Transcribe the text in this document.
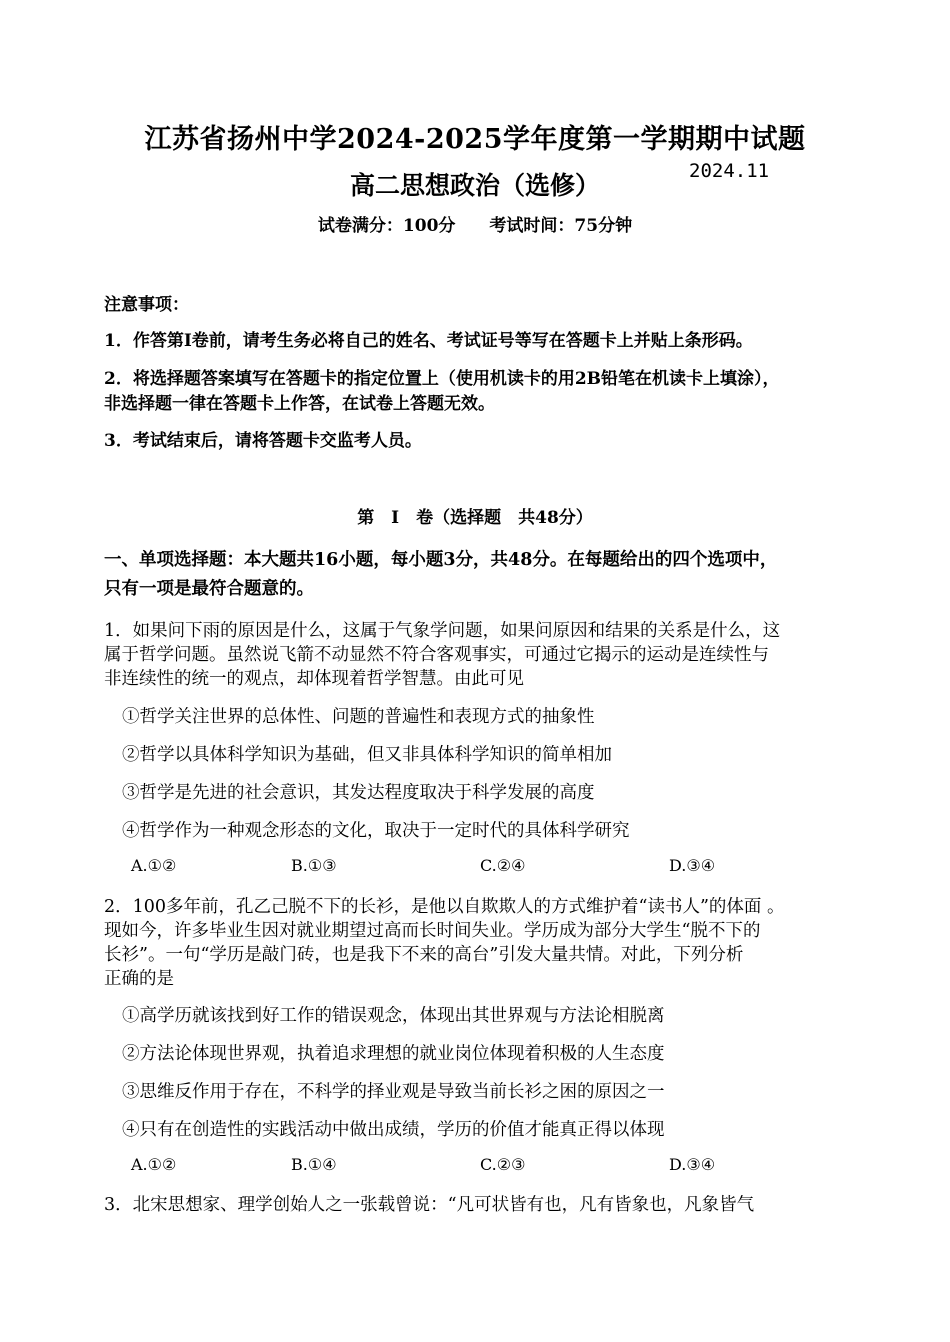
江苏省扬州中学2024-2025学年度第一学期期中试题
高二思想政治（选修）	2024.11
试卷满分：100分 考试时间：75分钟
注意事项：
1．作答第Ⅰ卷前，请考生务必将自己的姓名、考试证号等写在答题卡上并贴上条形码。
2．将选择题答案填写在答题卡的指定位置上（使用机读卡的用2B铅笔在机读卡上填涂），
非选择题一律在答题卡上作答，在试卷上答题无效。
3．考试结束后，请将答题卡交监考人员。
第　Ⅰ　卷（选择题　共48分）
一、单项选择题：本大题共16小题，每小题3分，共48分。在每题给出的四个选项中，
只有一项是最符合题意的。
1．如果问下雨的原因是什么，这属于气象学问题，如果问原因和结果的关系是什么，这
属于哲学问题。虽然说飞箭不动显然不符合客观事实，可通过它揭示的运动是连续性与
非连续性的统一的观点，却体现着哲学智慧。由此可见
①哲学关注世界的总体性、问题的普遍性和表现方式的抽象性
②哲学以具体科学知识为基础，但又非具体科学知识的简单相加
③哲学是先进的社会意识，其发达程度取决于科学发展的高度
④哲学作为一种观念形态的文化，取决于一定时代的具体科学研究
A.①②	B.①③	C.②④	D.③④
2．100多年前，孔乙己脱不下的长衫，是他以自欺欺人的方式维护着“读书人”的体面 。
现如今，许多毕业生因对就业期望过高而长时间失业。学历成为部分大学生“脱不下的
长衫”。一句“学历是敲门砖，也是我下不来的高台”引发大量共情。对此，下列分析
正确的是
①高学历就该找到好工作的错误观念，体现出其世界观与方法论相脱离
②方法论体现世界观，执着追求理想的就业岗位体现着积极的人生态度
③思维反作用于存在，不科学的择业观是导致当前长衫之困的原因之一
④只有在创造性的实践活动中做出成绩，学历的价值才能真正得以体现
A.①②	B.①④	C.②③	D.③④
3．北宋思想家、理学创始人之一张载曾说：“凡可状皆有也，凡有皆象也，凡象皆气
